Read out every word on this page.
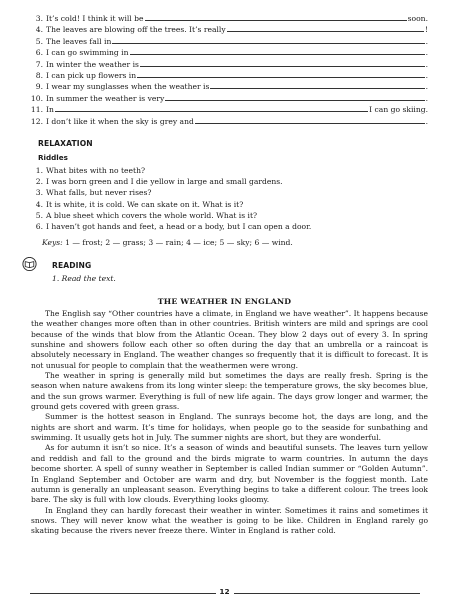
3. It’s cold! I think it will be	soon.
4. The leaves are blowing off the trees. It’s really	!
5. The leaves fall in	.
6. I can go swimming in	.
7. In winter the weather is	.
8. I can pick up flowers in	.
9. I wear my sunglasses when the weather is	.
10. In summer the weather is very	.
11. In	I can go skiing.
12. I don’t like it when the sky is grey and	.
RELAXATION
Riddles
1. What bites with no teeth?
2. I was born green and I die yellow in large and small gardens.
3. What falls, but never rises?
4. It is white, it is cold. We can skate on it. What is it?
5. A blue sheet which covers the whole world. What is it?
6. I haven’t got hands and feet, a head or a body, but I can open a door.
Keys: 1 — frost; 2 — grass; 3 — rain; 4 — ice; 5 — sky; 6 — wind.
READING
1. Read the text.
THE WEATHER IN ENGLAND

The English say “Other countries have a climate, in England we have weather”. It happens because the weather changes more often than in other countries. British winters are mild and springs are cool because of the winds that blow from the Atlantic Ocean. They blow 2 days out of every 3. In spring sunshine and showers follow each other so often during the day that an umbrella or a raincoat is absolutely necessary in England. The weather changes so frequently that it is difficult to forecast. It is not unusual for people to complain that the weathermen were wrong.

The weather in spring is generally mild but sometimes the days are really fresh. Spring is the season when nature awakens from its long winter sleep: the temperature grows, the sky becomes blue, and the sun grows warmer. Everything is full of new life again. The days grow longer and warmer, the ground gets covered with green grass.

Summer is the hottest season in England. The sunrays become hot, the days are long, and the nights are short and warm. It’s time for holidays, when people go to the seaside for sunbathing and swimming. It usually gets hot in July. The summer nights are short, but they are wonderful.

As for autumn it isn’t so nice. It’s a season of winds and beautiful sunsets. The leaves turn yellow and reddish and fall to the ground and the birds migrate to warm countries. In autumn the days become shorter. A spell of sunny weather in September is called Indian summer or “Golden Autumn”. In England September and October are warm and dry, but November is the foggiest month. Late autumn is generally an unpleasant season. Everything begins to take a different colour. The trees look bare. The sky is full with low clouds. Everything looks gloomy.

In England they can hardly forecast their weather in winter. Sometimes it rains and sometimes it snows. They will never know what the weather is going to be like. Children in England rarely go skating because the rivers never freeze there. Winter in England is rather cold.

12
